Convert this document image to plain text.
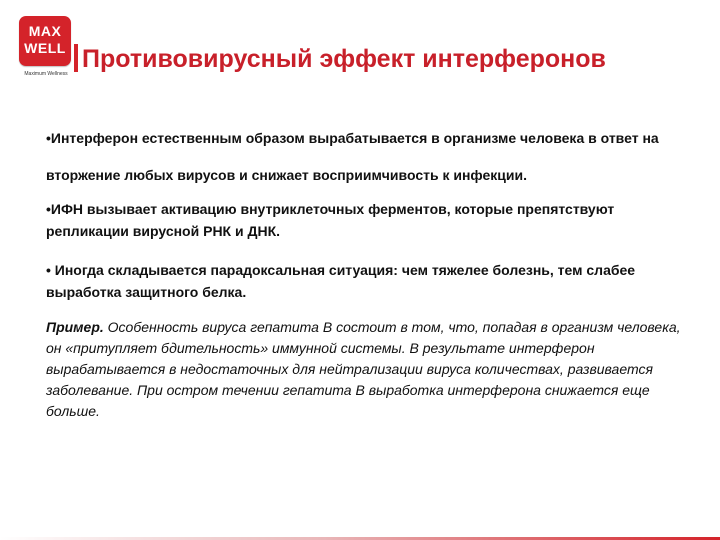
MAX
WELL
Maximum Wellness
Противовирусный эффект интерферонов

•Интерферон естественным образом вырабатывается в организме человека в ответ на вторжение любых вирусов и снижает восприимчивость к инфекции.

•ИФН вызывает активацию внутриклеточных ферментов, которые препятствуют репликации вирусной РНК и ДНК.

• Иногда складывается парадоксальная ситуация: чем тяжелее болезнь, тем слабее выработка защитного белка.

Пример. Особенность вируса гепатита В состоит в том, что, попадая в организм человека, он «притупляет бдительность» иммунной системы. В результате интерферон вырабатывается в недостаточных для нейтрализации вируса количествах, развивается заболевание. При остром течении гепатита В выработка интерферона снижается еще больше.
